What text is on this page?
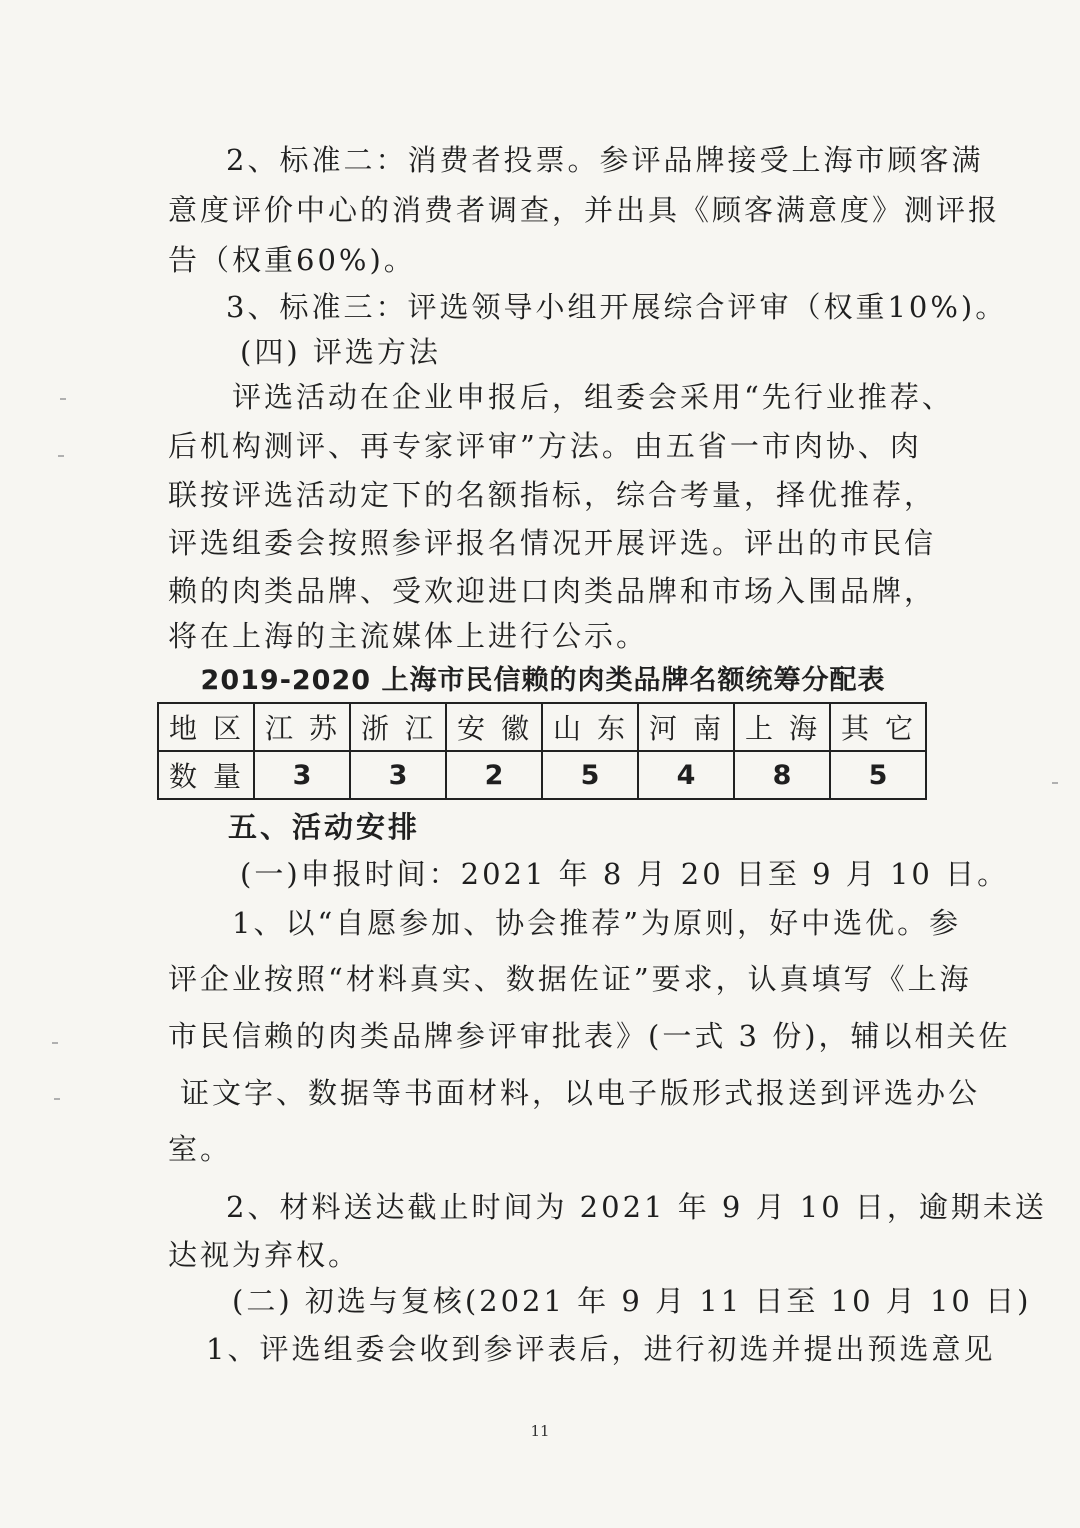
2、标准二：消费者投票。参评品牌接受上海市顾客满
意度评价中心的消费者调查，并出具《顾客满意度》测评报
告（权重60%)。
3、标准三：评选领导小组开展综合评审（权重10%)。
(四) 评选方法
评选活动在企业申报后，组委会采用“先行业推荐、
后机构测评、再专家评审”方法。由五省一市肉协、肉
联按评选活动定下的名额指标，综合考量，择优推荐，
评选组委会按照参评报名情况开展评选。评出的市民信
赖的肉类品牌、受欢迎进口肉类品牌和市场入围品牌，
将在上海的主流媒体上进行公示。
2019-2020 上海市民信赖的肉类品牌名额统筹分配表
地区	江苏	浙江	安徽	山东	河南	上海	其它
数量	3	3	2	5	4	8	5
五、活动安排
(一)申报时间：2021 年 8 月 20 日至 9 月 10 日。
1、以“自愿参加、协会推荐”为原则，好中选优。参
评企业按照“材料真实、数据佐证”要求，认真填写《上海
市民信赖的肉类品牌参评审批表》(一式 3 份)，辅以相关佐
证文字、数据等书面材料，以电子版形式报送到评选办公
室。
2、材料送达截止时间为 2021 年 9 月 10 日，逾期未送
达视为弃权。
(二) 初选与复核(2021 年 9 月 11 日至 10 月 10 日)
1、评选组委会收到参评表后，进行初选并提出预选意见
11
